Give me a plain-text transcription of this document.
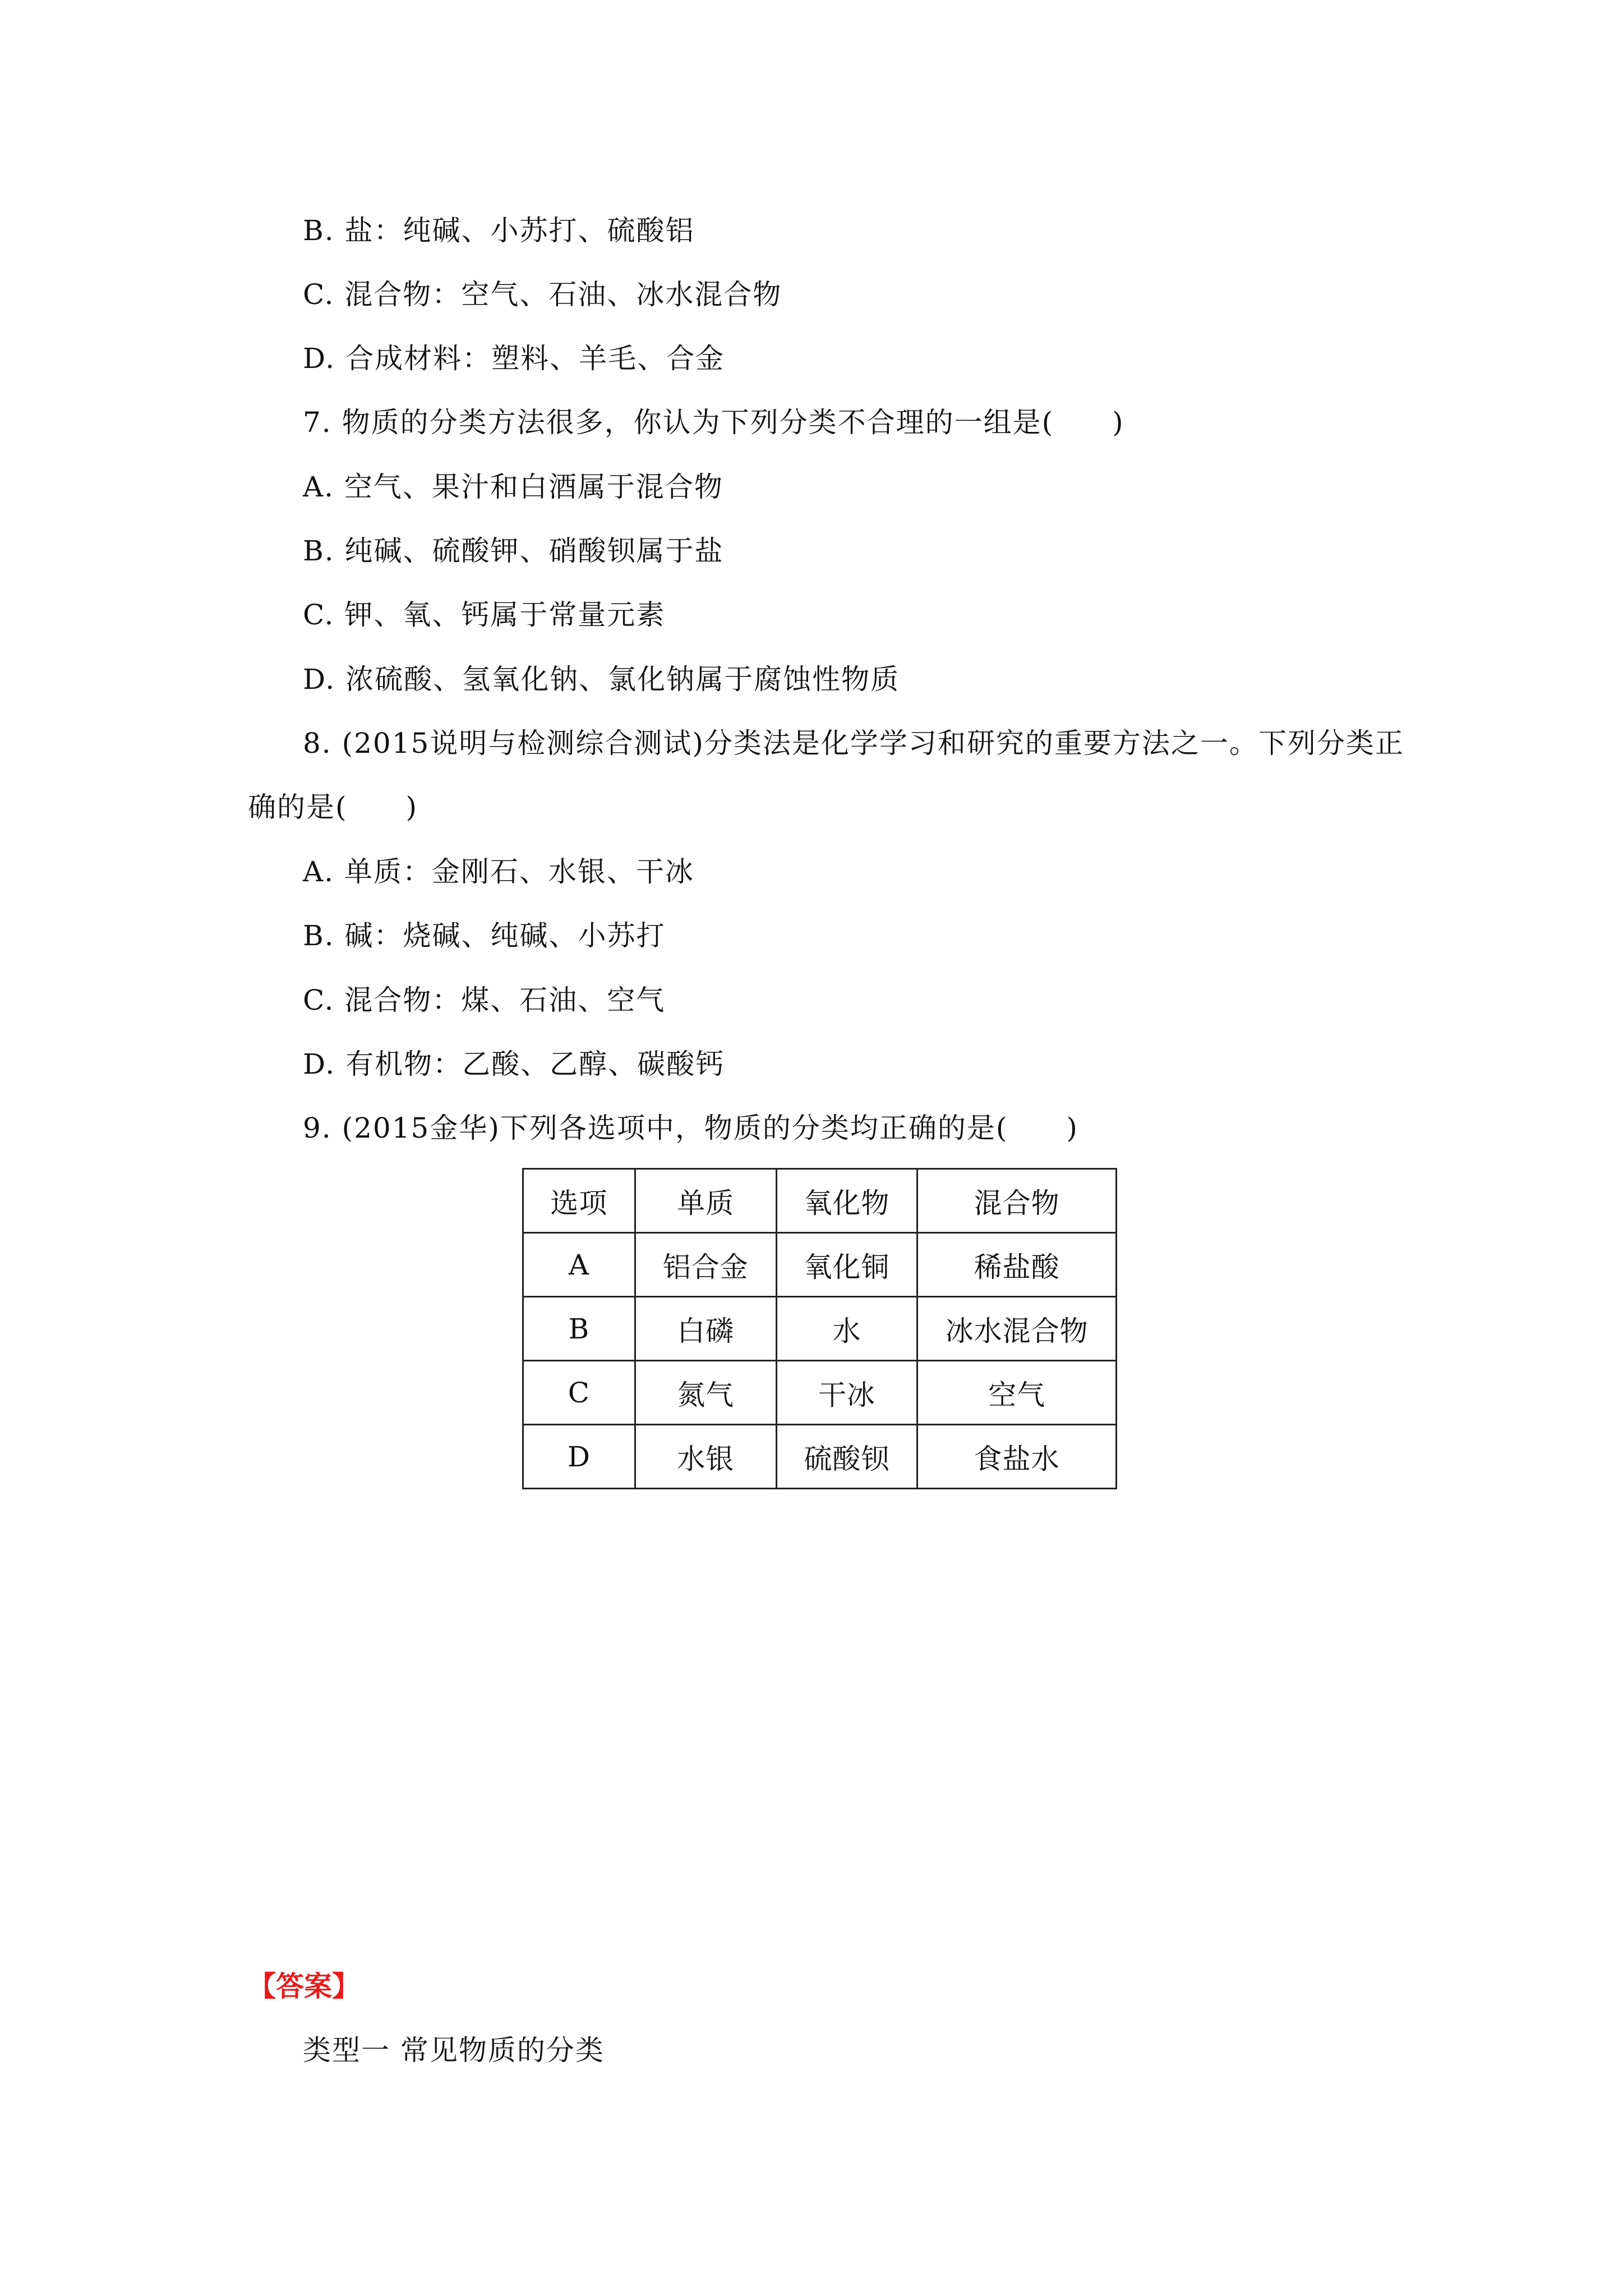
B. 盐：纯碱、小苏打、硫酸铝
C. 混合物：空气、石油、冰水混合物
D. 合成材料：塑料、羊毛、合金
7. 物质的分类方法很多，你认为下列分类不合理的一组是(　　)
A. 空气、果汁和白酒属于混合物
B. 纯碱、硫酸钾、硝酸钡属于盐
C. 钾、氧、钙属于常量元素
D. 浓硫酸、氢氧化钠、氯化钠属于腐蚀性物质
8. (2015说明与检测综合测试)分类法是化学学习和研究的重要方法之一。下列分类正
确的是(　　)
A. 单质：金刚石、水银、干冰
B. 碱：烧碱、纯碱、小苏打
C. 混合物：煤、石油、空气
D. 有机物：乙酸、乙醇、碳酸钙
9. (2015金华)下列各选项中，物质的分类均正确的是(　　)
选项	单质	氧化物	混合物
A	铝合金	氧化铜	稀盐酸
B	白磷	水	冰水混合物
C	氮气	干冰	空气
D	水银	硫酸钡	食盐水
【答案】
类型一 常见物质的分类
